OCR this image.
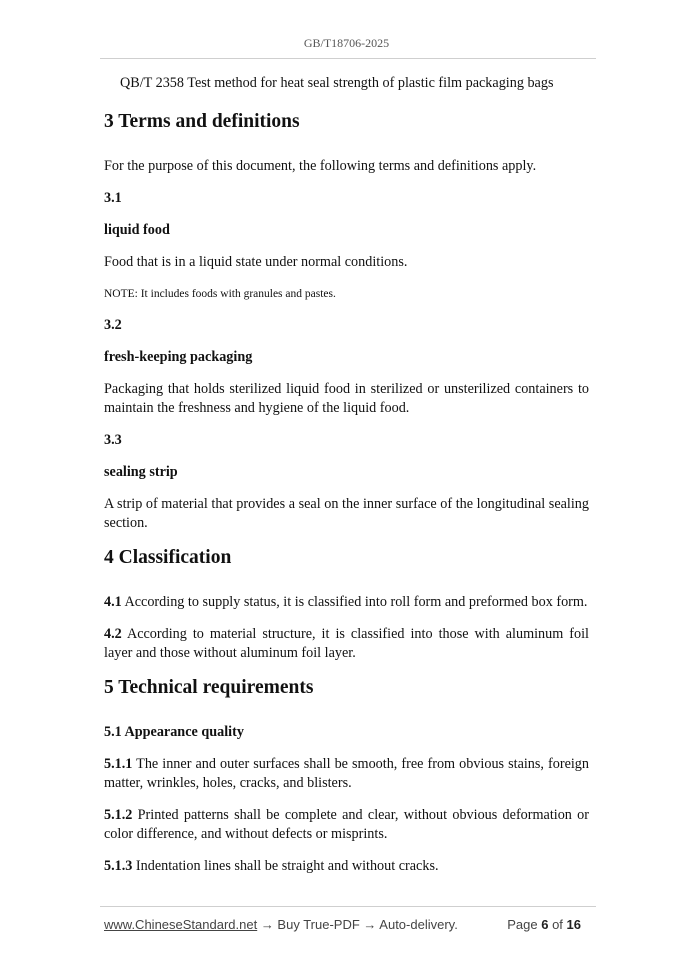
GB/T18706-2025

QB/T 2358 Test method for heat seal strength of plastic film packaging bags

3 Terms and definitions

For the purpose of this document, the following terms and definitions apply.

3.1

liquid food

Food that is in a liquid state under normal conditions.

NOTE: It includes foods with granules and pastes.

3.2

fresh-keeping packaging

Packaging that holds sterilized liquid food in sterilized or unsterilized containers to maintain the freshness and hygiene of the liquid food.

3.3

sealing strip

A strip of material that provides a seal on the inner surface of the longitudinal sealing section.

4 Classification

4.1 According to supply status, it is classified into roll form and preformed box form.

4.2 According to material structure, it is classified into those with aluminum foil layer and those without aluminum foil layer.

5 Technical requirements

5.1 Appearance quality

5.1.1 The inner and outer surfaces shall be smooth, free from obvious stains, foreign matter, wrinkles, holes, cracks, and blisters.

5.1.2 Printed patterns shall be complete and clear, without obvious deformation or color difference, and without defects or misprints.

5.1.3 Indentation lines shall be straight and without cracks.

www.ChineseStandard.net → Buy True-PDF → Auto-delivery.	Page 6 of 16
